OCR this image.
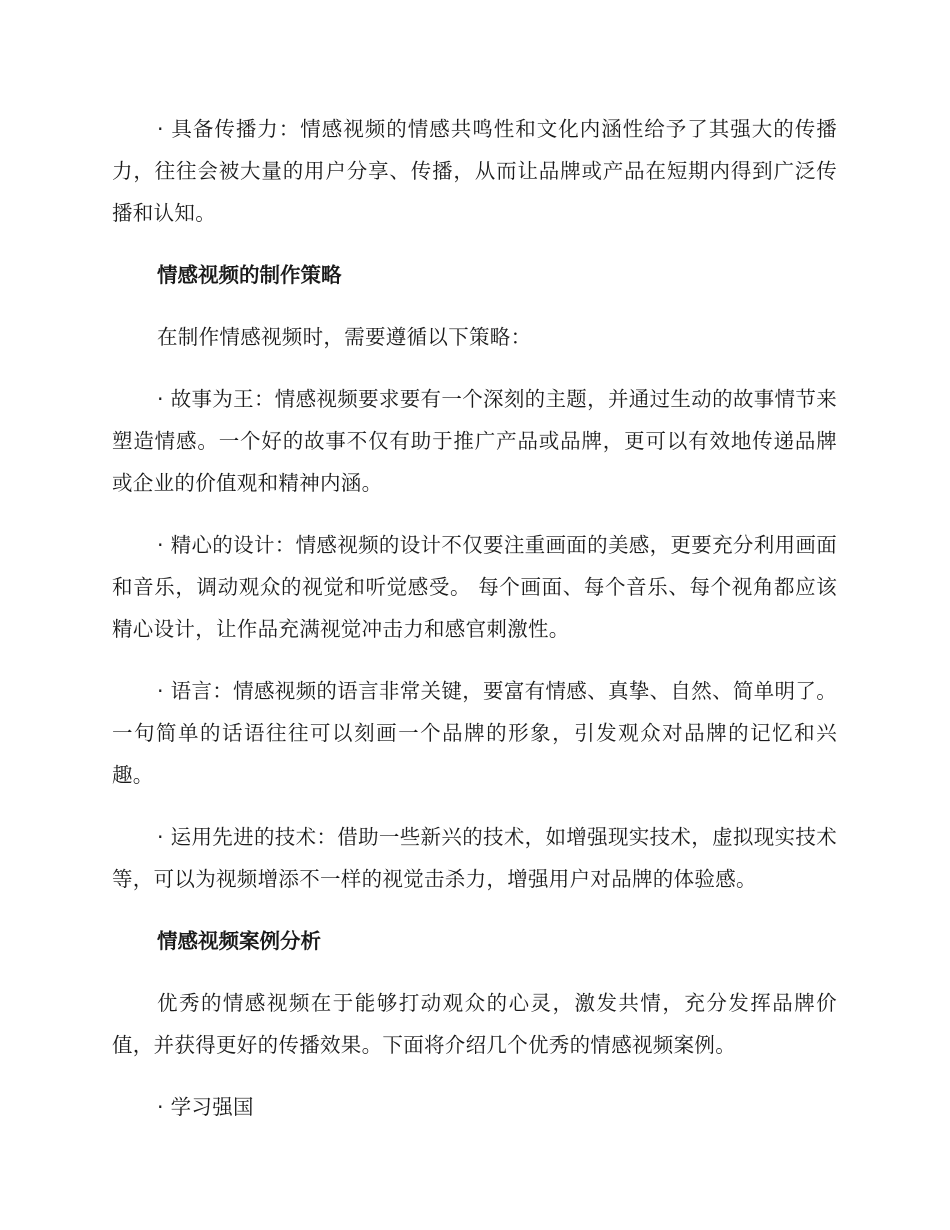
· 具备传播力：情感视频的情感共鸣性和文化内涵性给予了其强大的传播力，往往会被大量的用户分享、传播，从而让品牌或产品在短期内得到广泛传播和认知。

情感视频的制作策略

在制作情感视频时，需要遵循以下策略：

· 故事为王：情感视频要求要有一个深刻的主题，并通过生动的故事情节来塑造情感。一个好的故事不仅有助于推广产品或品牌，更可以有效地传递品牌或企业的价值观和精神内涵。

· 精心的设计：情感视频的设计不仅要注重画面的美感，更要充分利用画面和音乐，调动观众的视觉和听觉感受。 每个画面、每个音乐、每个视角都应该精心设计，让作品充满视觉冲击力和感官刺激性。

· 语言：情感视频的语言非常关键，要富有情感、真挚、自然、简单明了。一句简单的话语往往可以刻画一个品牌的形象，引发观众对品牌的记忆和兴趣。

· 运用先进的技术：借助一些新兴的技术，如增强现实技术，虚拟现实技术等，可以为视频增添不一样的视觉击杀力，增强用户对品牌的体验感。

情感视频案例分析

优秀的情感视频在于能够打动观众的心灵，激发共情，充分发挥品牌价值，并获得更好的传播效果。下面将介绍几个优秀的情感视频案例。

· 学习强国
